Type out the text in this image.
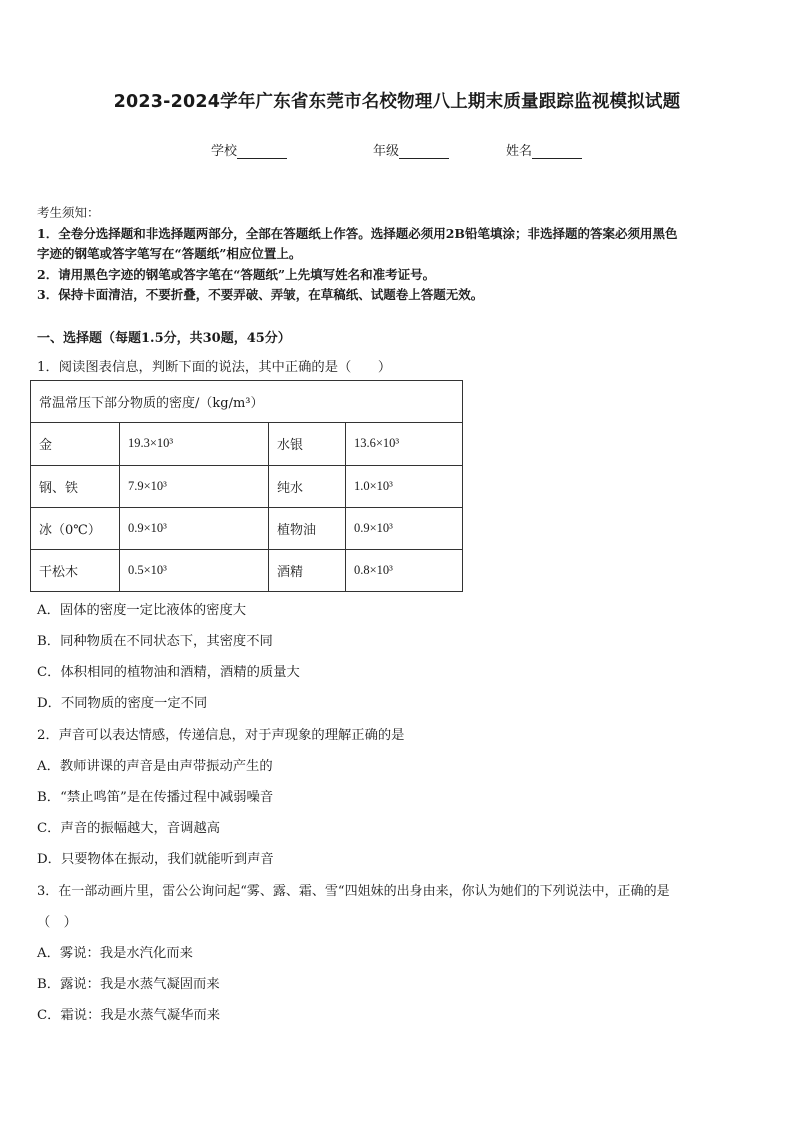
2023-2024学年广东省东莞市名校物理八上期末质量跟踪监视模拟试题
学校	年级	姓名
考生须知：
1．全卷分选择题和非选择题两部分，全部在答题纸上作答。选择题必须用2B铅笔填涂；非选择题的答案必须用黑色
字迹的钢笔或答字笔写在“答题纸”相应位置上。
2．请用黑色字迹的钢笔或答字笔在“答题纸”上先填写姓名和准考证号。
3．保持卡面清洁，不要折叠，不要弄破、弄皱，在草稿纸、试题卷上答题无效。
一、选择题（每题1.5分，共30题，45分）
1．阅读图表信息，判断下面的说法，其中正确的是（　　）
常温常压下部分物质的密度/（kg/m³）			
金	19.3×10³	水银	13.6×10³
钢、铁	7.9×10³	纯水	1.0×10³
冰（0℃）	0.9×10³	植物油	0.9×10³
干松木	0.5×10³	酒精	0.8×10³
A．固体的密度一定比液体的密度大
B．同种物质在不同状态下，其密度不同
C．体积相同的植物油和酒精，酒精的质量大
D．不同物质的密度一定不同
2．声音可以表达情感，传递信息，对于声现象的理解正确的是
A．教师讲课的声音是由声带振动产生的
B．“禁止鸣笛”是在传播过程中减弱噪音
C．声音的振幅越大，音调越高
D．只要物体在振动，我们就能听到声音
3．在一部动画片里，雷公公询问起“雾、露、霜、雪“四姐妹的出身由来，你认为她们的下列说法中，正确的是
（　）
A．雾说：我是水汽化而来
B．露说：我是水蒸气凝固而来
C．霜说：我是水蒸气凝华而来
